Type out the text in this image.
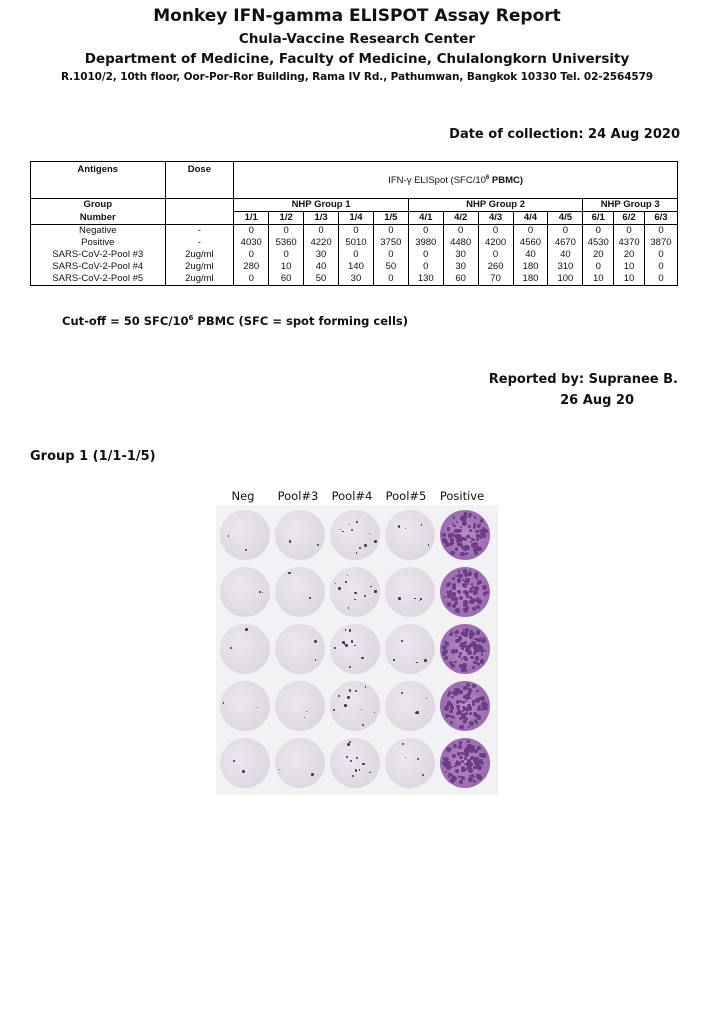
Monkey IFN-gamma ELISPOT Assay Report
Chula-Vaccine Research Center
Department of Medicine, Faculty of Medicine, Chulalongkorn University
R.1010/2, 10th floor, Oor-Por-Ror Building, Rama IV Rd., Pathumwan, Bangkok 10330 Tel. 02-2564579
Date of collection: 24 Aug 2020
Antigens	Dose	IFN-γ ELISpot ($SFC/10^6$ PBMC)												
Group		NHP Group 1					NHP Group 2					NHP Group 3		
Number		1/1	1/2	1/3	1/4	1/5	4/1	4/2	4/3	4/4	4/5	6/1	6/2	6/3
Negative	-	0	0	0	0	0	0	0	0	0	0	0	0	0
Positive	-	4030	5360	4220	5010	3750	3980	4480	4200	4560	4670	4530	4370	3870
SARS-CoV-2-Pool #3	2ug/ml	0	0	30	0	0	0	30	0	40	40	20	20	0
SARS-CoV-2-Pool #4	2ug/ml	280	10	40	140	50	0	30	260	180	310	0	10	0
SARS-CoV-2-Pool #5	2ug/ml	0	60	50	30	0	130	60	70	180	100	10	10	0
Cut-off = 50 SFC/$10^6$ PBMC (SFC = spot forming cells)
Reported by: Supranee B.
26 Aug 20
Group 1 (1/1-1/5)
Neg	Pool#3	Pool#4	Pool#5	Positive
